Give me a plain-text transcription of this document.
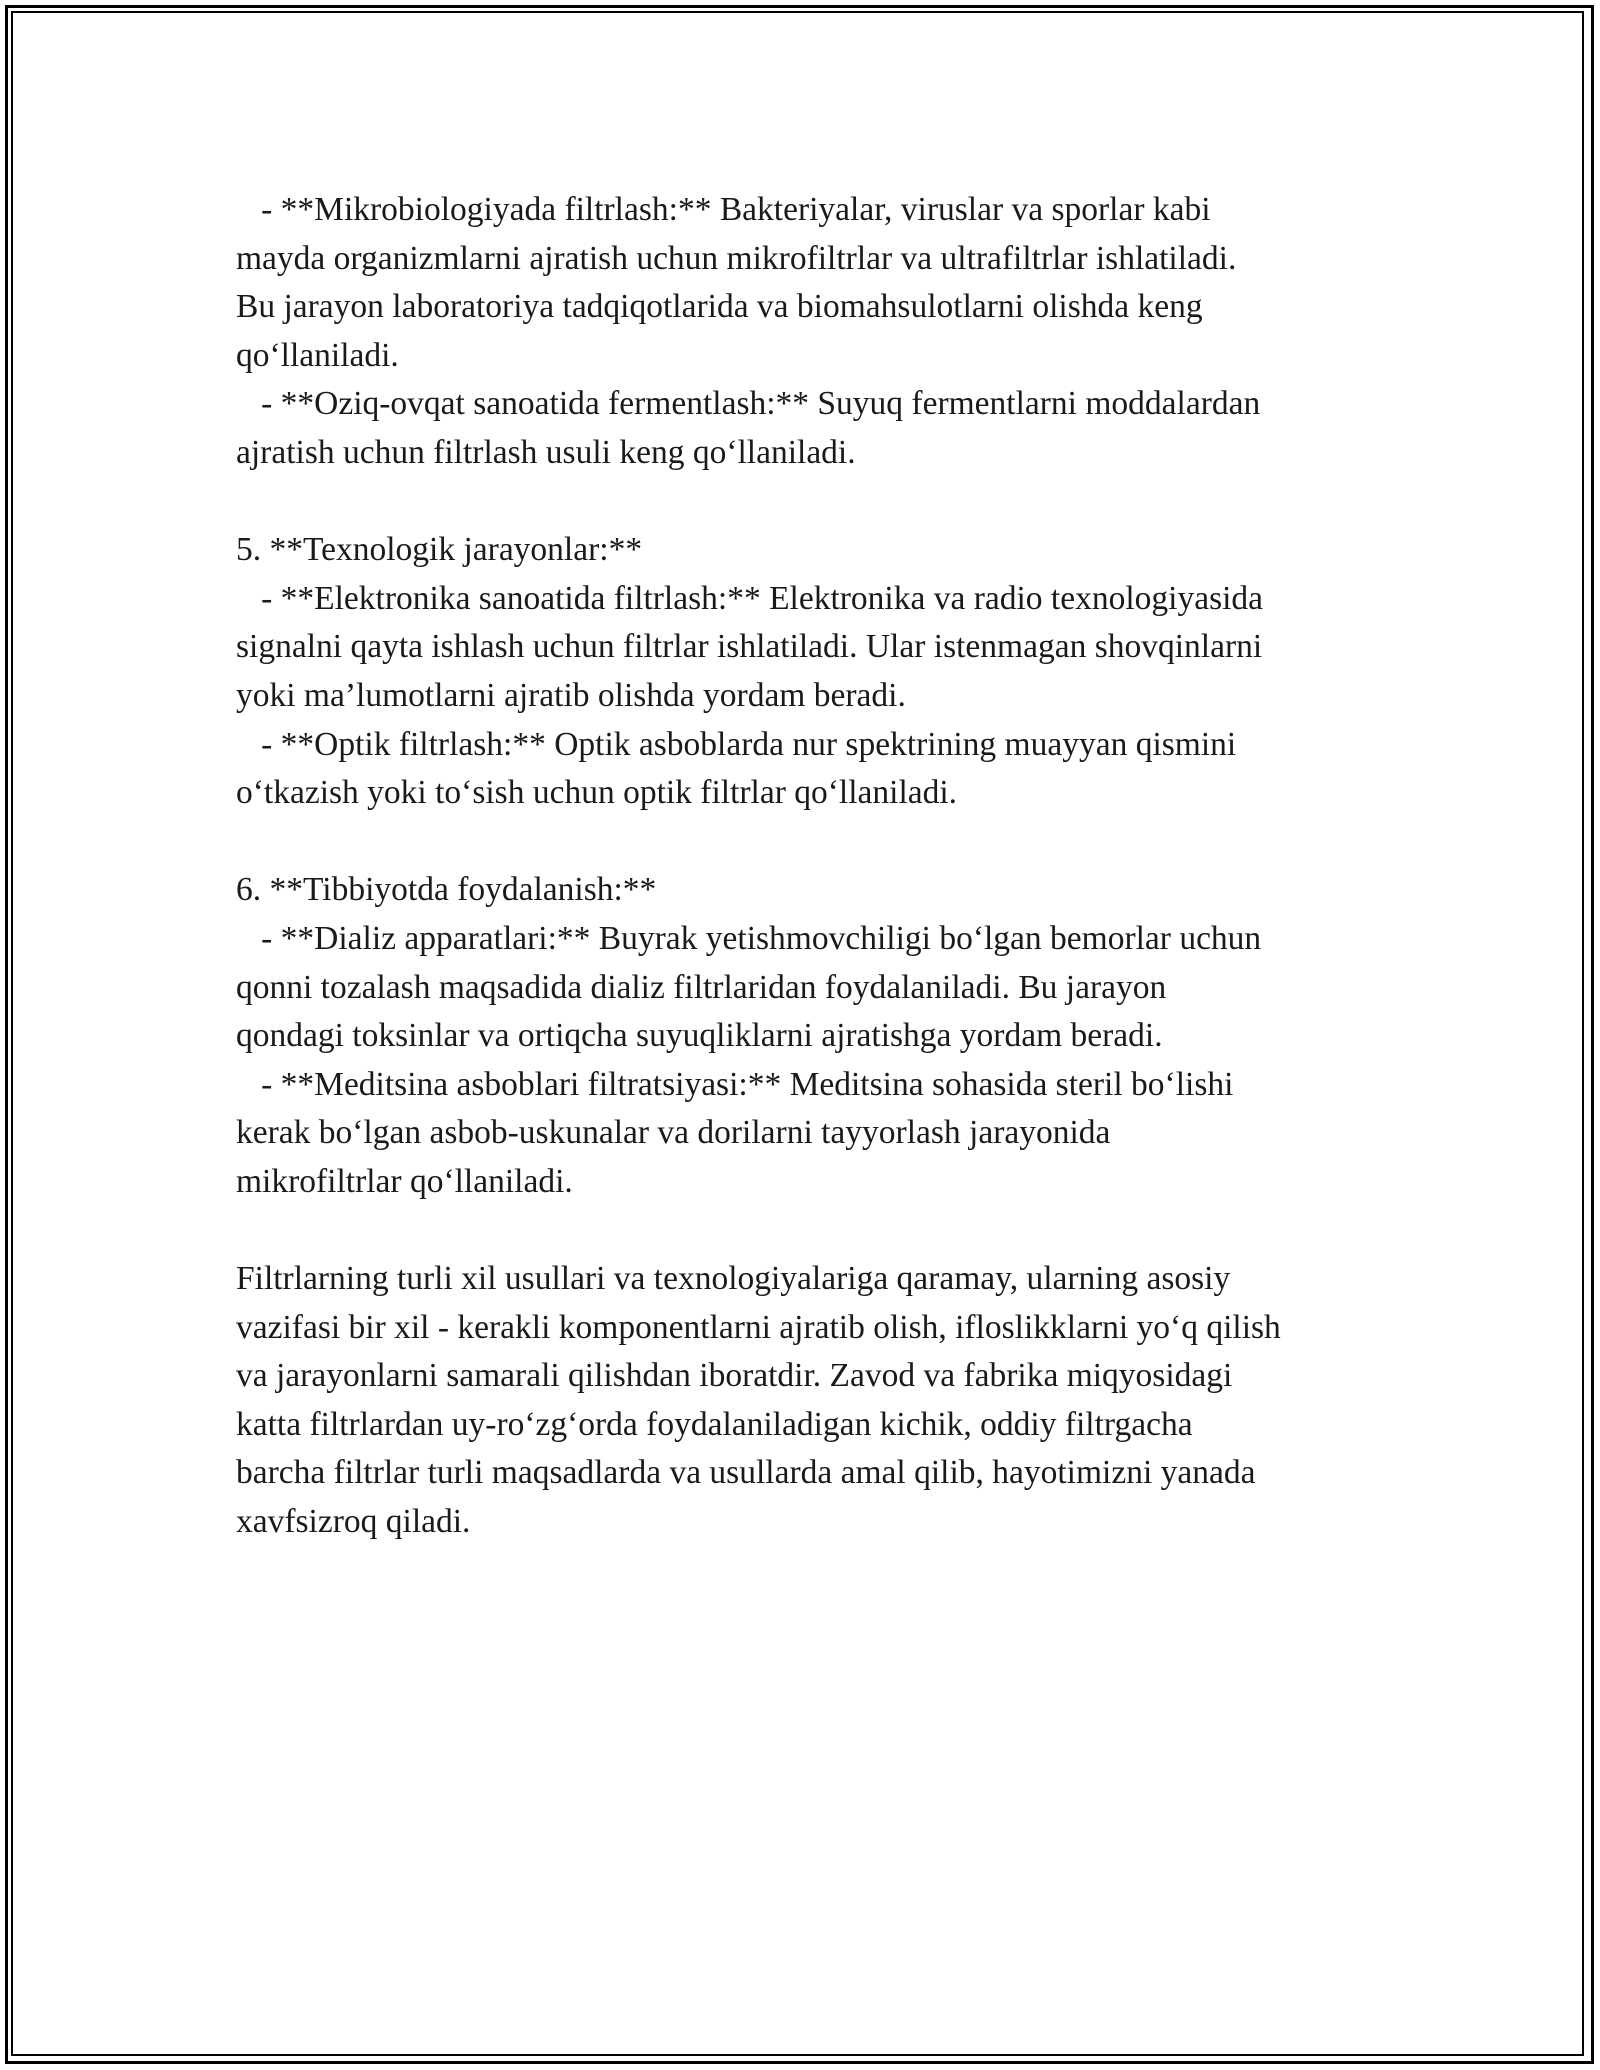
- **Mikrobiologiyada filtrlash:** Bakteriyalar, viruslar va sporlar kabi
mayda organizmlarni ajratish uchun mikrofiltrlar va ultrafiltrlar ishlatiladi.
Bu jarayon laboratoriya tadqiqotlarida va biomahsulotlarni olishda keng
qo‘llaniladi.
- **Oziq-ovqat sanoatida fermentlash:** Suyuq fermentlarni moddalardan
ajratish uchun filtrlash usuli keng qo‘llaniladi.
5. **Texnologik jarayonlar:**
- **Elektronika sanoatida filtrlash:** Elektronika va radio texnologiyasida
signalni qayta ishlash uchun filtrlar ishlatiladi. Ular istenmagan shovqinlarni
yoki ma’lumotlarni ajratib olishda yordam beradi.
- **Optik filtrlash:** Optik asboblarda nur spektrining muayyan qismini
o‘tkazish yoki to‘sish uchun optik filtrlar qo‘llaniladi.
6. **Tibbiyotda foydalanish:**
- **Dializ apparatlari:** Buyrak yetishmovchiligi bo‘lgan bemorlar uchun
qonni tozalash maqsadida dializ filtrlaridan foydalaniladi. Bu jarayon
qondagi toksinlar va ortiqcha suyuqliklarni ajratishga yordam beradi.
- **Meditsina asboblari filtratsiyasi:** Meditsina sohasida steril bo‘lishi
kerak bo‘lgan asbob-uskunalar va dorilarni tayyorlash jarayonida
mikrofiltrlar qo‘llaniladi.
Filtrlarning turli xil usullari va texnologiyalariga qaramay, ularning asosiy
vazifasi bir xil - kerakli komponentlarni ajratib olish, ifloslikklarni yo‘q qilish
va jarayonlarni samarali qilishdan iboratdir. Zavod va fabrika miqyosidagi
katta filtrlardan uy-ro‘zg‘orda foydalaniladigan kichik, oddiy filtrgacha
barcha filtrlar turli maqsadlarda va usullarda amal qilib, hayotimizni yanada
xavfsizroq qiladi.
